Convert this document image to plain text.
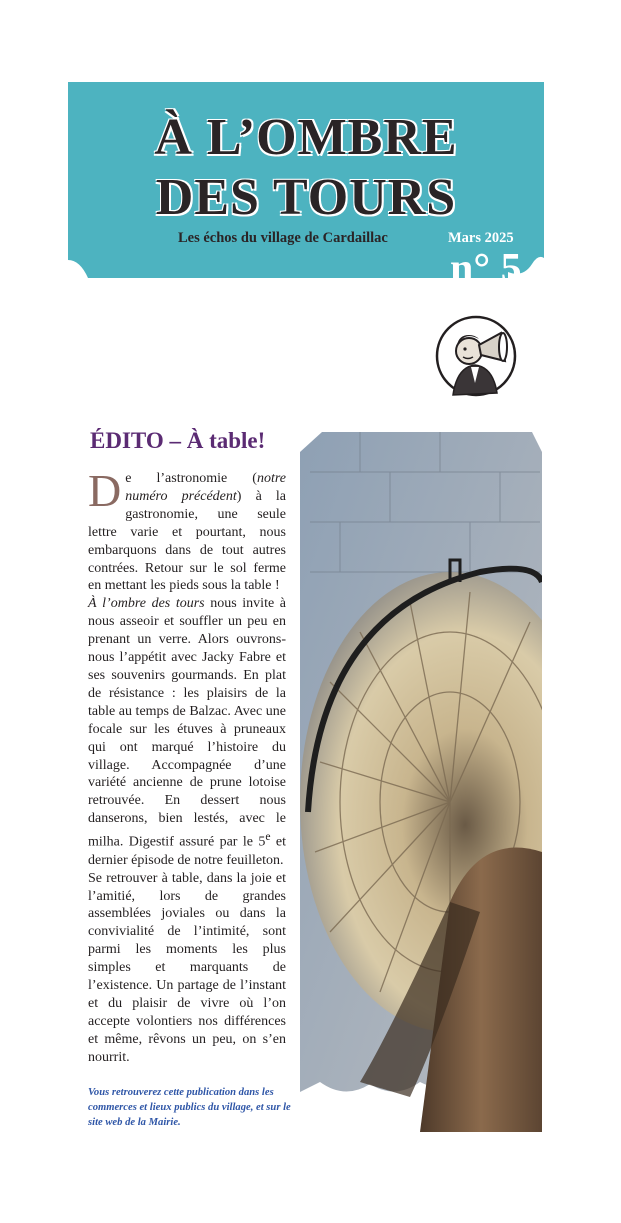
À L’OMBRE
DES TOURS
Les échos du village de Cardaillac	Mars 2025
n° 5
ÉDITO – À table!

De l’astronomie (notre numéro précédent) à la gastronomie, une seule lettre varie et pourtant, nous embarquons dans de tout autres contrées. Retour sur le sol ferme en mettant les pieds sous la table !

À l’ombre des tours nous invite à nous asseoir et souffler un peu en prenant un verre. Alors ouvrons-nous l’appétit avec Jacky Fabre et ses souvenirs gourmands. En plat de résistance : les plaisirs de la table au temps de Balzac. Avec une focale sur les étuves à pruneaux qui ont marqué l’histoire du village. Accompagnée d’une variété ancienne de prune lotoise retrouvée. En dessert nous danserons, bien lestés, avec le milha. Digestif assuré par le 5e et dernier épisode de notre feuilleton.

Se retrouver à table, dans la joie et l’amitié, lors de grandes assemblées joviales ou dans la convivialité de l’intimité, sont parmi les moments les plus simples et marquants de l’existence. Un partage de l’instant et du plaisir de vivre où l’on accepte volontiers nos différences et même, rêvons un peu, on s’en nourrit.

Vous retrouverez cette publication dans les commerces et lieux publics du village, et sur le site web de la Mairie.
